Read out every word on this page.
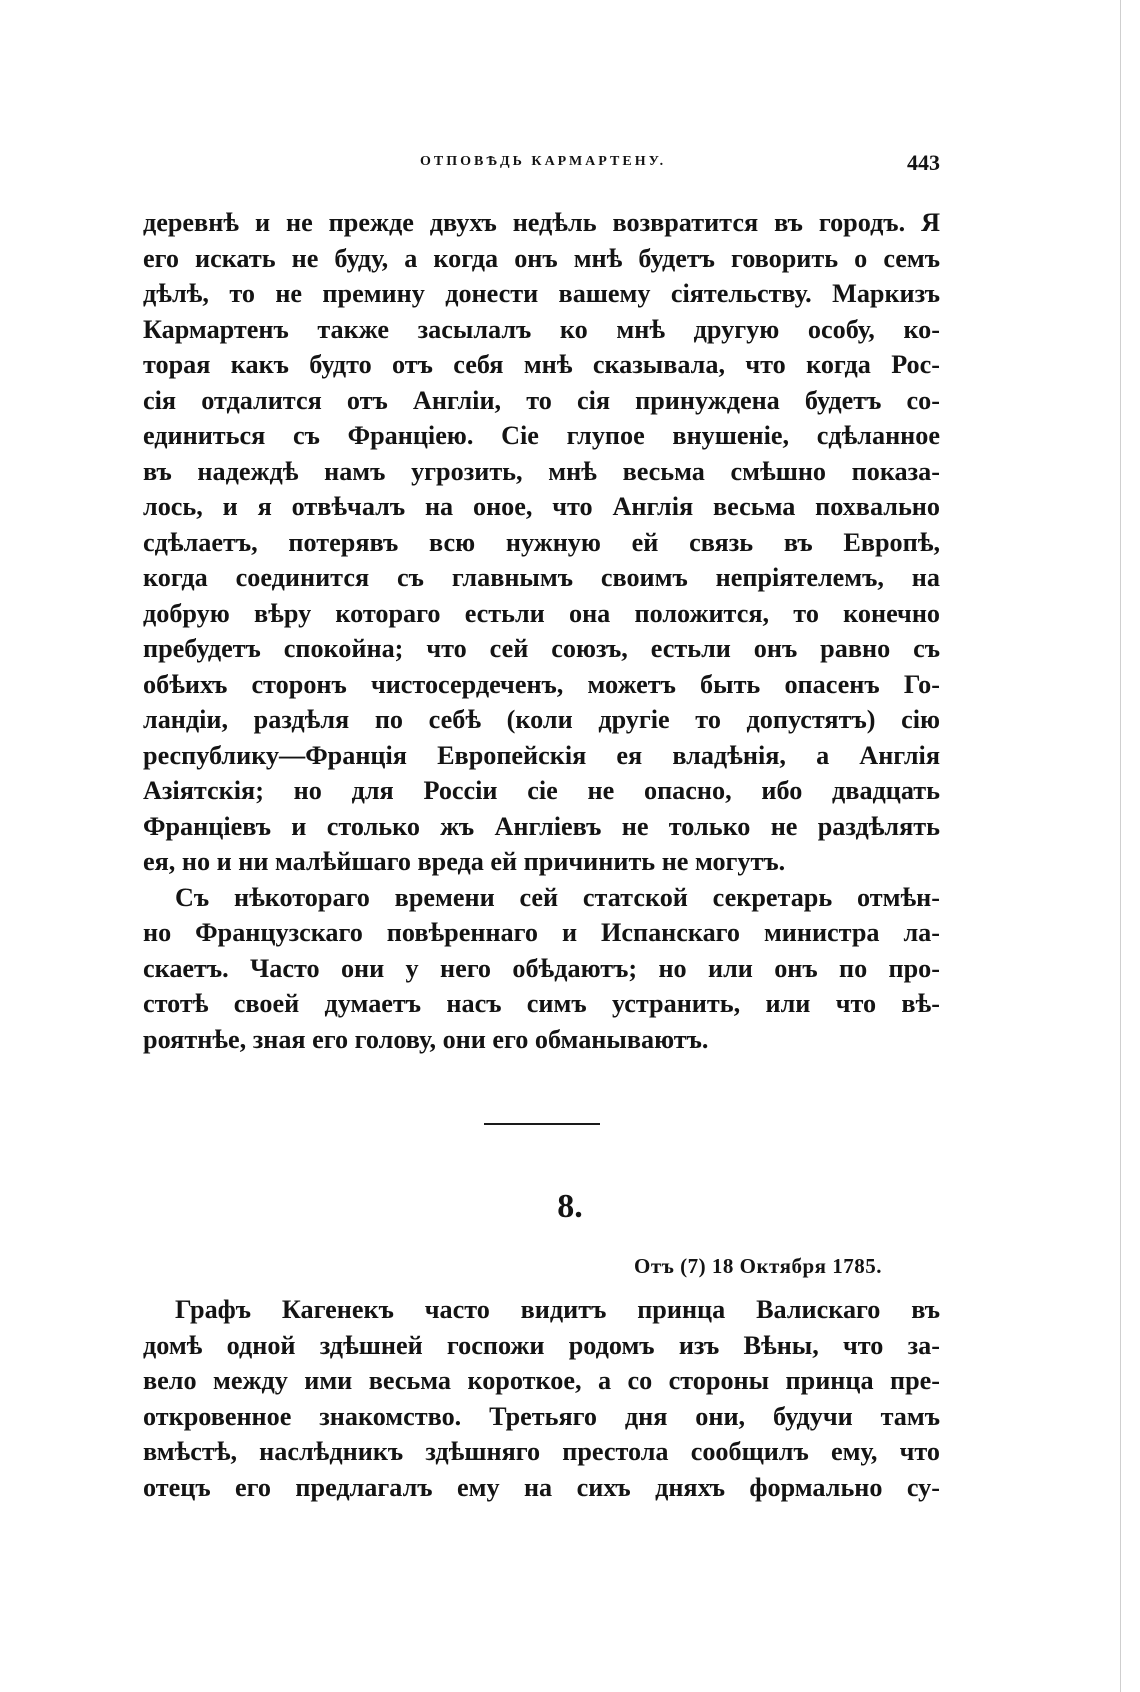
ОТПОВѢДЬ КАРМАРТЕНУ.	443
деревнѣ и не прежде двухъ недѣль возвратится въ городъ. Я
его искать не буду, а когда онъ мнѣ будетъ говорить о семъ
дѣлѣ, то не преминy донести вашему сiятельству. Маркизъ
Кармартенъ также засылалъ ко мнѣ другую особу, ко-
торая какъ будто отъ себя мнѣ сказывала, что когда Рос-
сiя отдалится отъ Англiи, то сiя принуждена будетъ со-
единиться съ Францiею. Сiе глупое внушенiе, сдѣланное
въ надеждѣ намъ угрозить, мнѣ весьма смѣшно показа-
лось, и я отвѣчалъ на оное, что Англiя весьма похвально
сдѣлаетъ, потерявъ всю нужную ей связь въ Европѣ,
когда соединится съ главнымъ своимъ непрiятелемъ, на
добрую вѣру котораго естьли она положится, то конечно
пребудетъ спокойна; что сей союзъ, естьли онъ равно съ
обѣихъ сторонъ чистосердеченъ, можетъ быть опасенъ Го-
ландiи, раздѣля по себѣ (коли другiе то допустятъ) сiю
республику—Францiя Европейскiя ея владѣнiя, а Англiя
Азiятскiя; но для Россiи сiе не опасно, ибо двадцать
Францiевъ и столько жъ Англiевъ не только не раздѣлять
ея, но и ни малѣйшаго вреда ей причинить не могутъ.
Съ нѣкотораго времени сей статской секретарь отмѣн-
но Французскаго повѣреннаго и Испанскаго министра ла-
скаетъ. Часто они у него обѣдаютъ; но или онъ по про-
стотѣ своей думаетъ насъ симъ устранить, или что вѣ-
роятнѣе, зная его голову, они его обманываютъ.
8.
Отъ (7) 18 Октября 1785.
Графъ Кагенекъ часто видитъ принца Валискаго въ
домѣ одной здѣшней госпожи родомъ изъ Вѣны, что за-
вело между ими весьма короткое, а со стороны принца пре-
откровенное знакомство. Третьяго дня они, будучи тамъ
вмѣстѣ, наслѣдникъ здѣшняго престола сообщилъ ему, что
отецъ его предлагалъ ему на сихъ дняхъ формально су-
